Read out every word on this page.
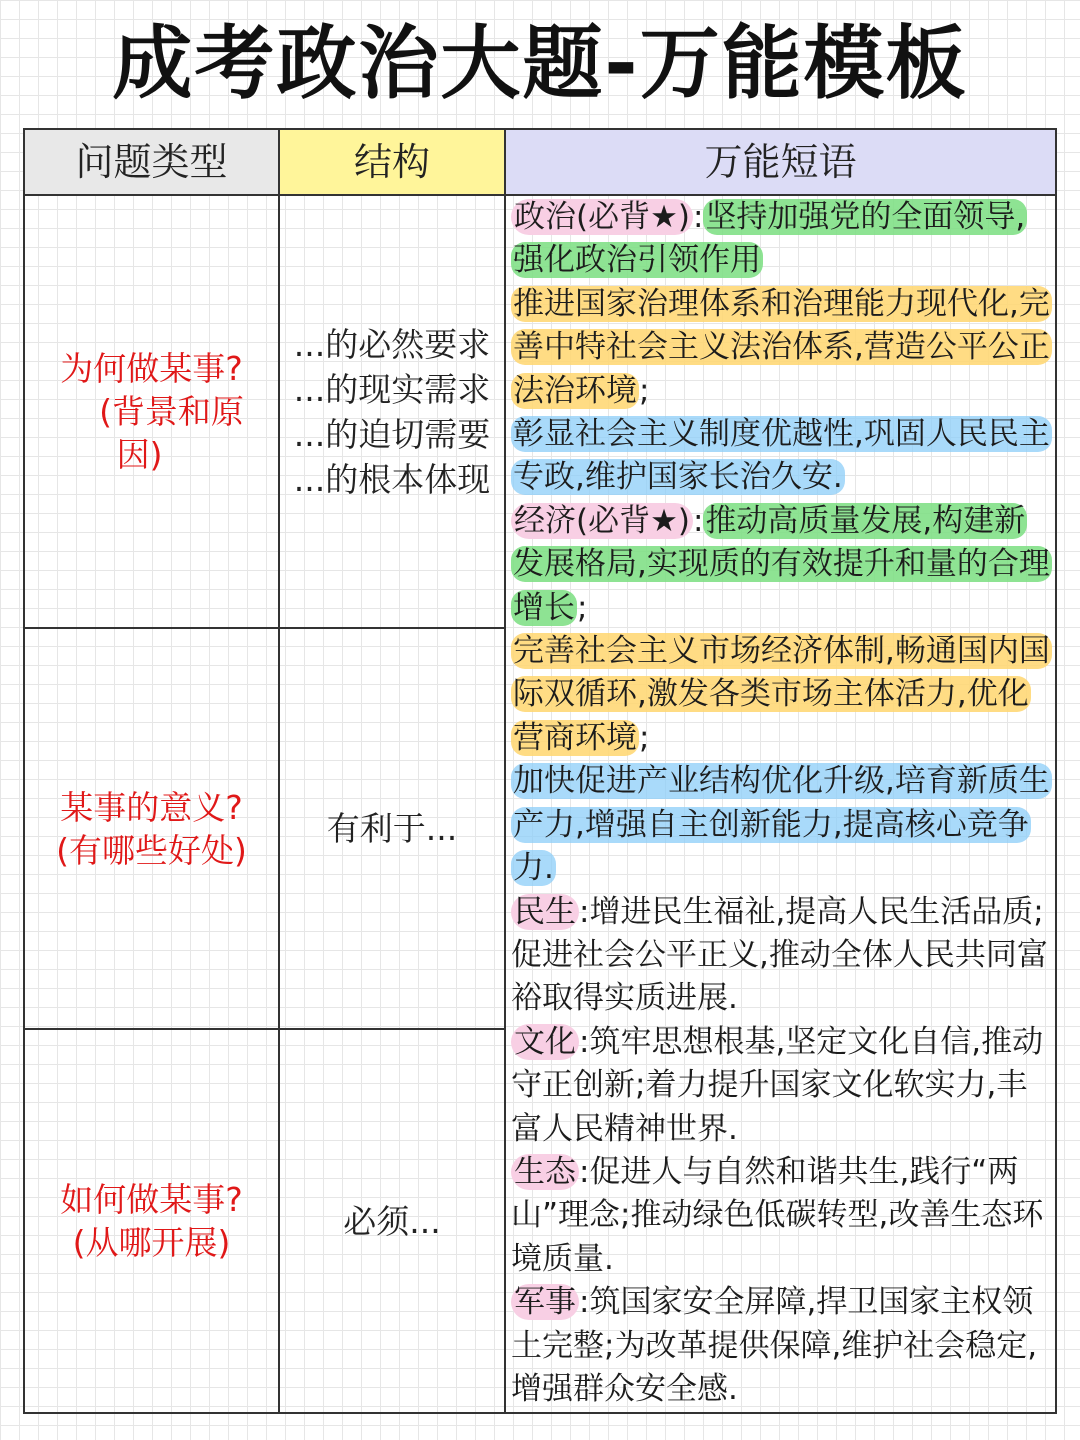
成考政治大题-万能模板
问题类型	结构	万能短语
为何做某事?
(背景和原
因)
...的必然要求
...的现实需求
...的迫切需要
...的根本体现
某事的意义?
(有哪些好处)
有利于...
如何做某事?
(从哪开展)
必须...
政治(必背★):坚持加强党的全面领导,强化政治引领作用
推进国家治理体系和治理能力现代化,完善中特社会主义法治体系,营造公平公正法治环境;
彰显社会主义制度优越性,巩固人民民主专政,维护国家长治久安.
经济(必背★):推动高质量发展,构建新发展格局,实现质的有效提升和量的合理增长;
完善社会主义市场经济体制,畅通国内国际双循环,激发各类市场主体活力,优化营商环境;
加快促进产业结构优化升级,培育新质生产力,增强自主创新能力,提高核心竞争力.
民生:增进民生福祉,提高人民生活品质;促进社会公平正义,推动全体人民共同富裕取得实质进展.
文化:筑牢思想根基,坚定文化自信,推动守正创新;着力提升国家文化软实力,丰富人民精神世界.
生态:促进人与自然和谐共生,践行“两山”理念;推动绿色低碳转型,改善生态环境质量.
军事:筑国家安全屏障,捍卫国家主权领土完整;为改革提供保障,维护社会稳定,增强群众安全感.
